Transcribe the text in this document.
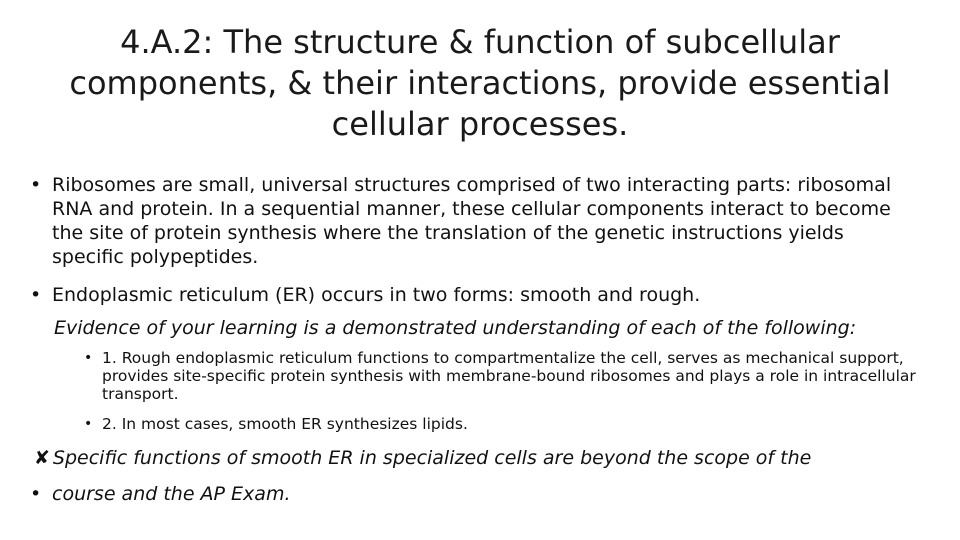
4.A.2: The structure & function of subcellular components, & their interactions, provide essential cellular processes.
• Ribosomes are small, universal structures comprised of two interacting parts: ribosomal RNA and protein. In a sequential manner, these cellular components interact to become the site of protein synthesis where the translation of the genetic instructions yields specific polypeptides.
• Endoplasmic reticulum (ER) occurs in two forms: smooth and rough.
Evidence of your learning is a demonstrated understanding of each of the following:
• 1. Rough endoplasmic reticulum functions to compartmentalize the cell, serves as mechanical support, provides site-specific protein synthesis with membrane-bound ribosomes and plays a role in intracellular transport.
• 2. In most cases, smooth ER synthesizes lipids.
✘ Specific functions of smooth ER in specialized cells are beyond the scope of the
• course and the AP Exam.
